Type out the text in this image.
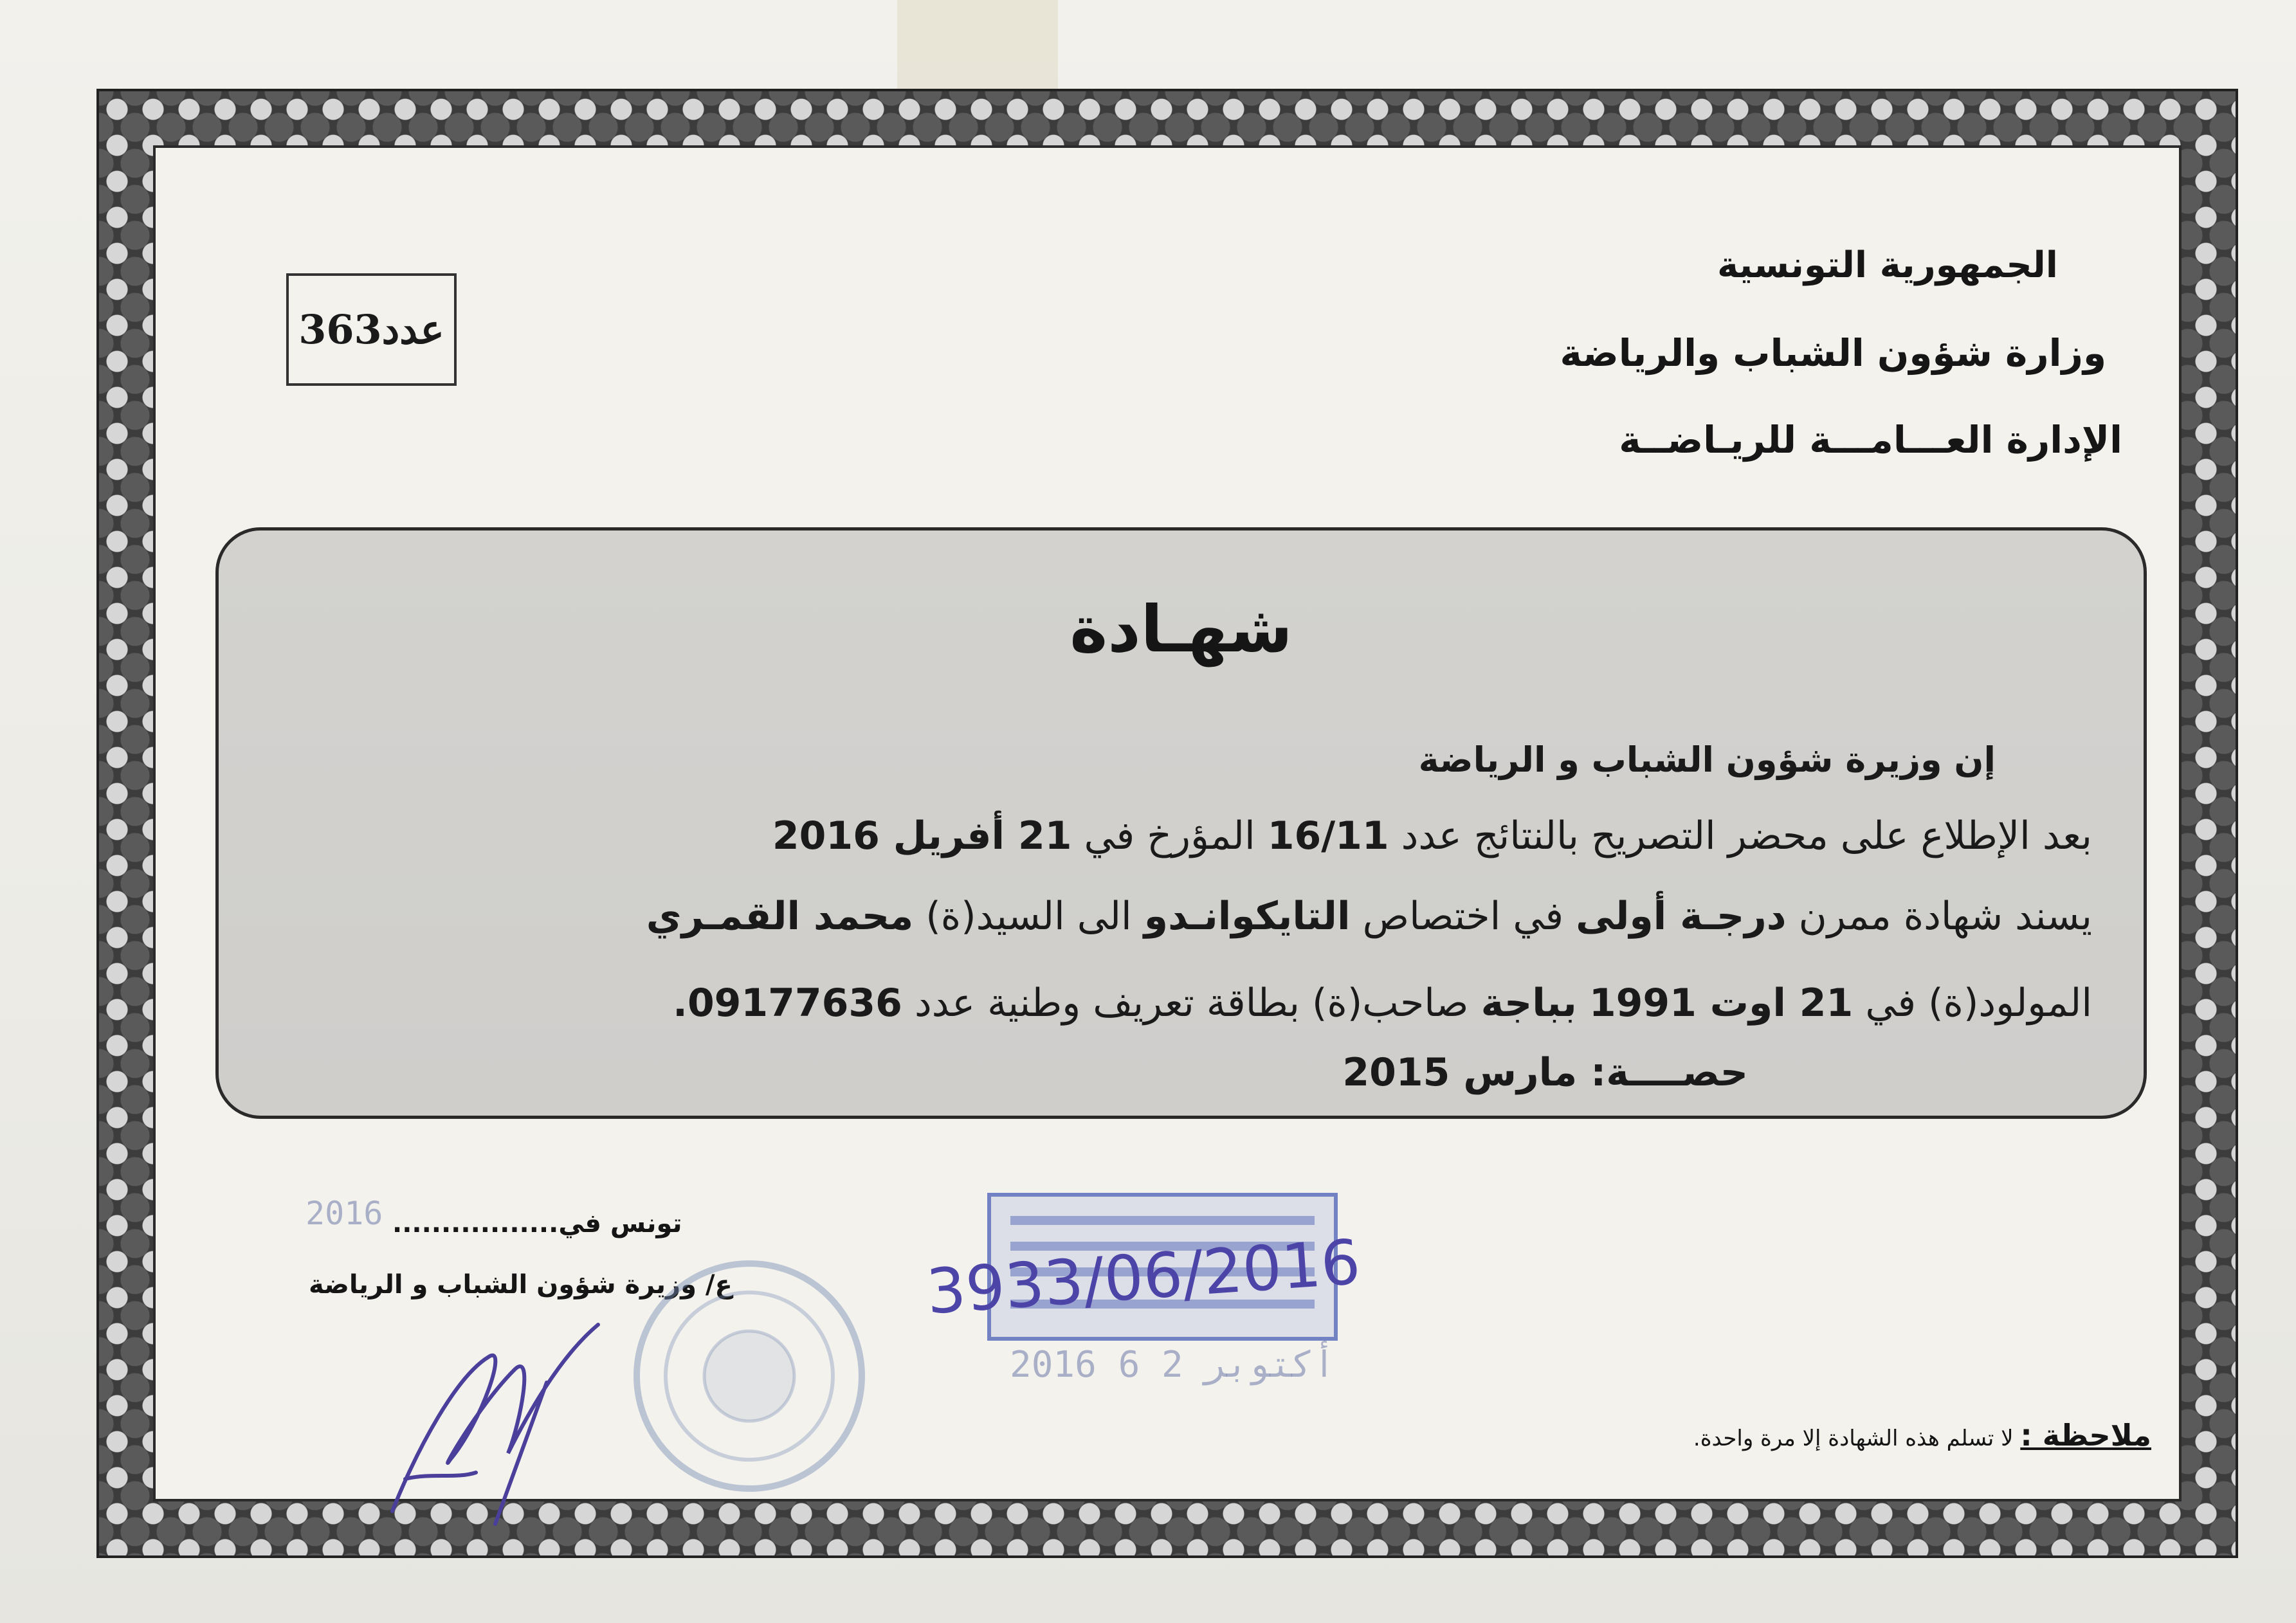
الجمهورية التونسية
وزارة شؤون الشباب والرياضة
الإدارة العـــامـــة للريـاضــة
عدد363
شهـادة
إن وزيرة شؤون الشباب و الرياضة
بعد الإطلاع على محضر التصريح بالنتائج عدد 16/11 المؤرخ في 21 أفريل 2016
يسند شهادة ممرن درجـة أولى في اختصاص التايكوانـدو الى السيد(ة) محمد القمـري
المولود(ة) في 21 اوت 1991 بباجة صاحب(ة) بطاقة تعريف وطنية عدد 09177636.
حصــــة: مارس 2015
تونس في.................
2016
ع/ وزيرة شؤون الشباب و الرياضة	3933/06/2016
2016 أكتوبر 2 6
ملاحظة : لا تسلم هذه الشهادة إلا مرة واحدة.
